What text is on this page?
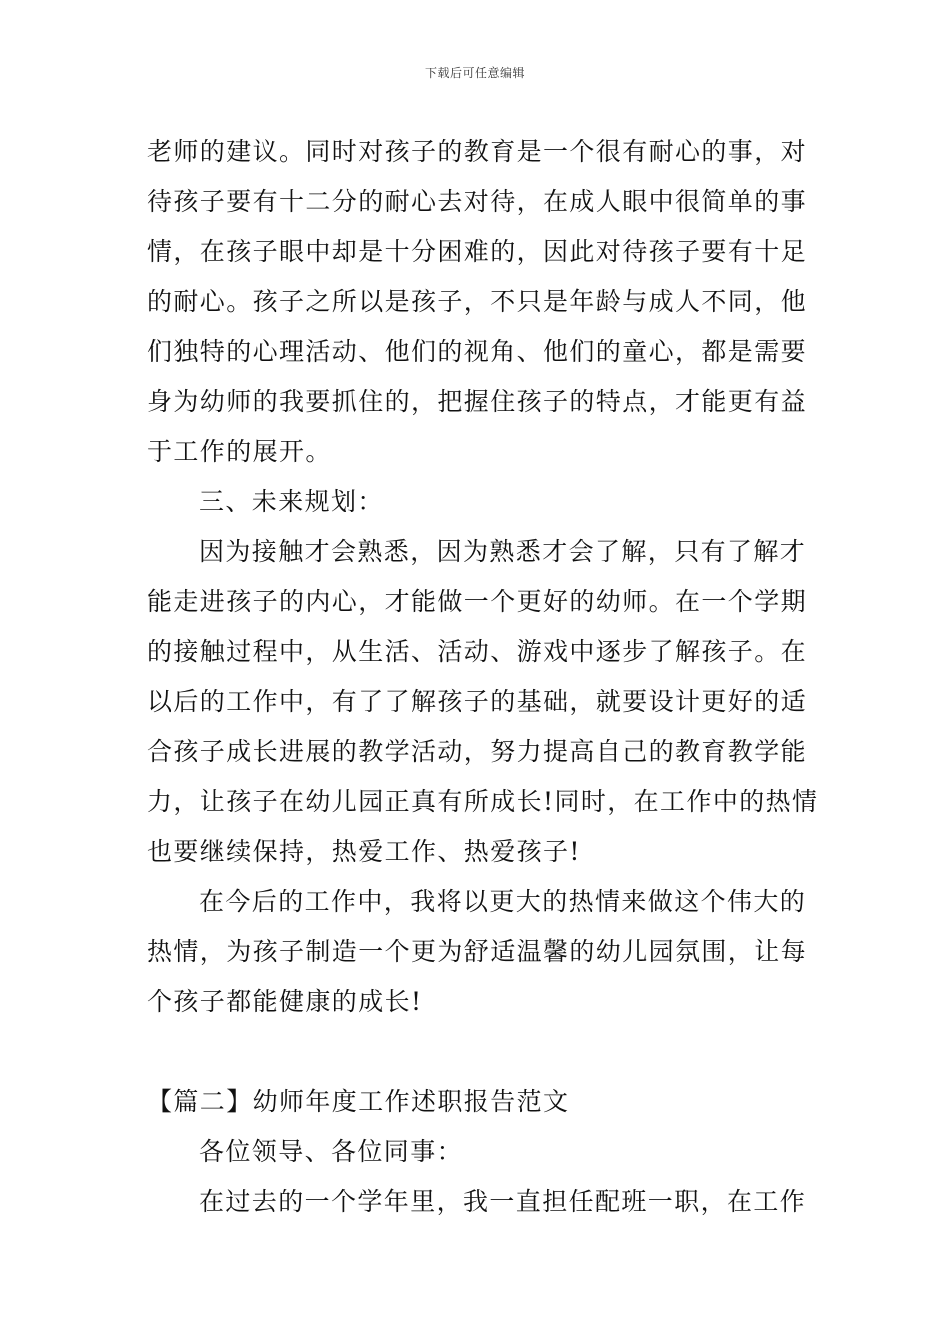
下载后可任意编辑
老师的建议。同时对孩子的教育是一个很有耐心的事，对
待孩子要有十二分的耐心去对待，在成人眼中很简单的事
情，在孩子眼中却是十分困难的，因此对待孩子要有十足
的耐心。孩子之所以是孩子，不只是年龄与成人不同，他
们独特的心理活动、他们的视角、他们的童心，都是需要
身为幼师的我要抓住的，把握住孩子的特点，才能更有益
于工作的展开。
三、未来规划：
因为接触才会熟悉，因为熟悉才会了解，只有了解才
能走进孩子的内心，才能做一个更好的幼师。在一个学期
的接触过程中，从生活、活动、游戏中逐步了解孩子。在
以后的工作中，有了了解孩子的基础，就要设计更好的适
合孩子成长进展的教学活动，努力提高自己的教育教学能
力，让孩子在幼儿园正真有所成长!同时，在工作中的热情
也要继续保持，热爱工作、热爱孩子!
在今后的工作中，我将以更大的热情来做这个伟大的
热情，为孩子制造一个更为舒适温馨的幼儿园氛围，让每
个孩子都能健康的成长!
【篇二】幼师年度工作述职报告范文
各位领导、各位同事：
在过去的一个学年里，我一直担任配班一职，在工作
